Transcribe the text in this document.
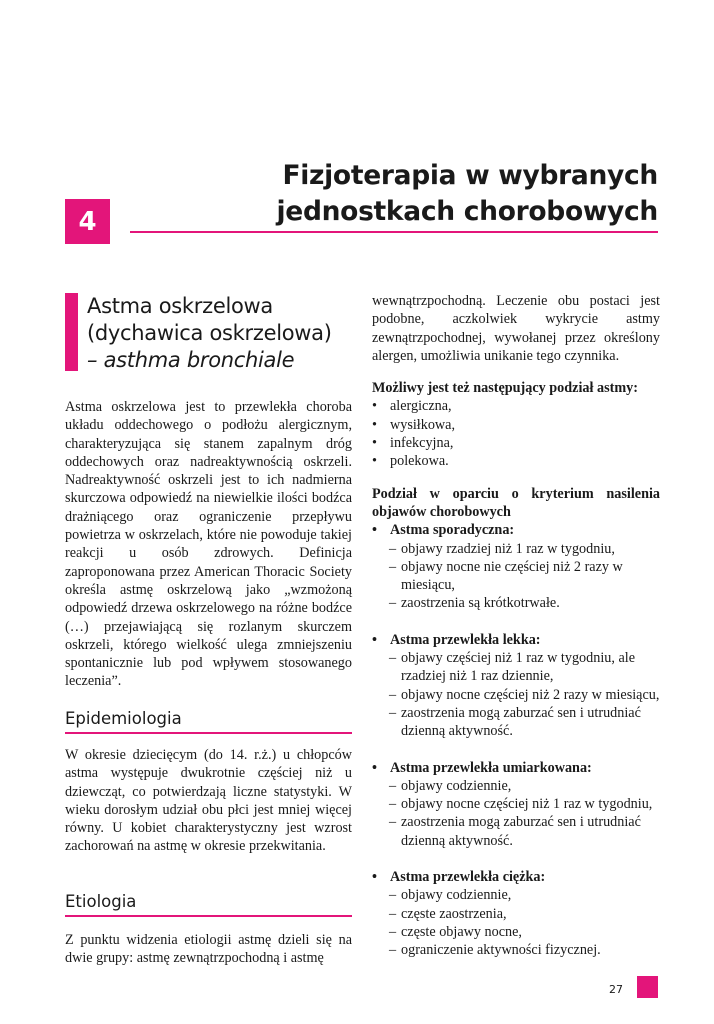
Fizjoterapia w wybranych
jednostkach chorobowych
4
Astma oskrzelowa
(dychawica oskrzelowa)
– asthma bronchiale
Astma oskrzelowa jest to przewlekła choroba układu oddechowego o podłożu alergicznym, charakteryzująca się stanem zapalnym dróg oddechowych oraz nadreaktywnością oskrzeli. Nadreaktywność oskrzeli jest to ich nadmierna skurczowa odpowiedź na niewielkie ilości bodźca drażniącego oraz ograniczenie przepływu powietrza w oskrzelach, które nie powoduje takiej reakcji u osób zdrowych. Definicja zaproponowana przez American Thoracic Society określa astmę oskrzelową jako „wzmożoną odpowiedź drzewa oskrzelowego na różne bodźce (…) przejawiającą się rozlanym skurczem oskrzeli, którego wielkość ulega zmniejszeniu spontanicznie lub pod wpływem stosowanego leczenia”.
Epidemiologia
W okresie dziecięcym (do 14. r.ż.) u chłopców astma występuje dwukrotnie częściej niż u dziewcząt, co potwierdzają liczne statystyki. W wieku dorosłym udział obu płci jest mniej więcej równy. U kobiet charakterystyczny jest wzrost zachorowań na astmę w okresie przekwitania.
Etiologia
Z punktu widzenia etiologii astmę dzieli się na dwie grupy: astmę zewnątrzpochodną i astmę

wewnątrzpochodną. Leczenie obu postaci jest podobne, aczkolwiek wykrycie astmy zewnątrzpochodnej, wywołanej przez określony alergen, umożliwia unikanie tego czynnika.

Możliwy jest też następujący podział astmy:

• alergiczna,
• wysiłkowa,
• infekcyjna,
• polekowa.

Podział w oparciu o kryterium nasilenia objawów chorobowych

• Astma sporadyczna:
– objawy rzadziej niż 1 raz w tygodniu,
– objawy nocne nie częściej niż 2 razy w miesiącu,
– zaostrzenia są krótkotrwałe.
• Astma przewlekła lekka:
– objawy częściej niż 1 raz w tygodniu, ale rzadziej niż 1 raz dziennie,
– objawy nocne częściej niż 2 razy w miesiącu,
– zaostrzenia mogą zaburzać sen i utrudniać dzienną aktywność.
• Astma przewlekła umiarkowana:
– objawy codziennie,
– objawy nocne częściej niż 1 raz w tygodniu,
– zaostrzenia mogą zaburzać sen i utrudniać dzienną aktywność.
• Astma przewlekła ciężka:
– objawy codziennie,
– częste zaostrzenia,
– częste objawy nocne,
– ograniczenie aktywności fizycznej.
27
